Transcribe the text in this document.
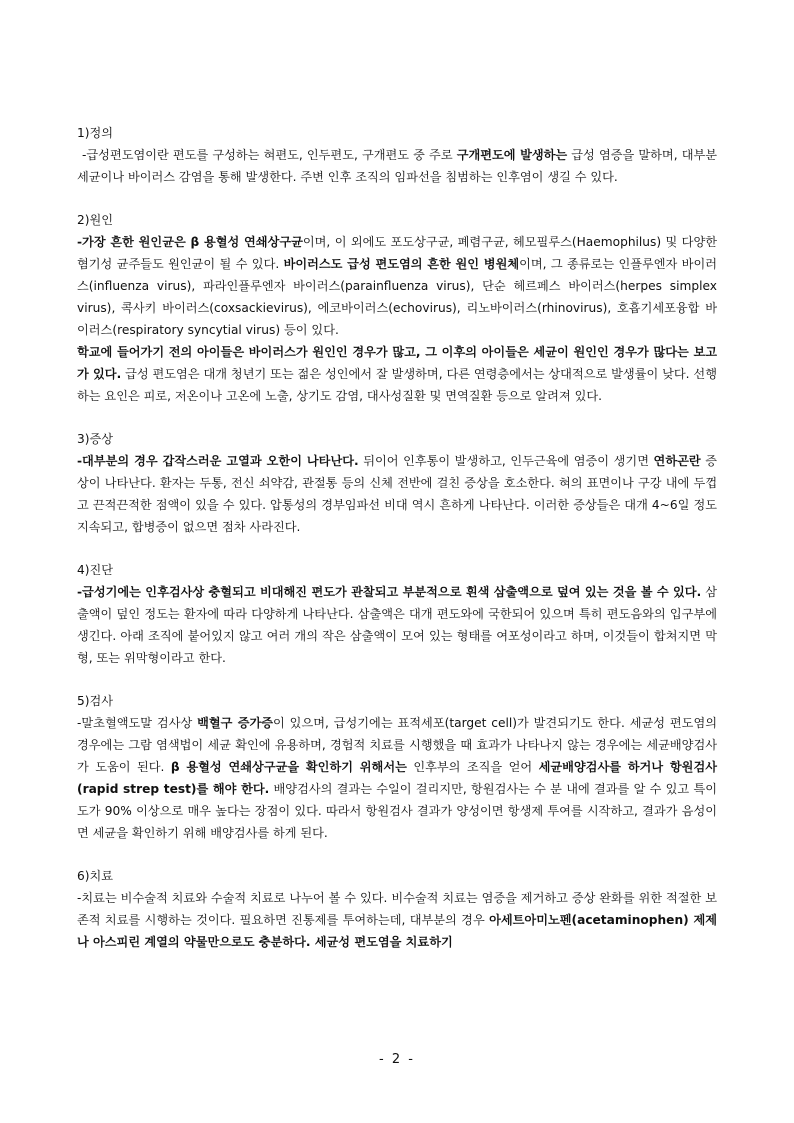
1)정의

-급성편도염이란 편도를 구성하는 혀편도, 인두편도, 구개편도 중 주로 구개편도에 발생하는 급성 염증을 말하며, 대부분 세균이나 바이러스 감염을 통해 발생한다. 주변 인후 조직의 임파선을 침범하는 인후염이 생길 수 있다.

2)원인

-가장 흔한 원인균은 β 용혈성 연쇄상구균이며, 이 외에도 포도상구균, 폐렴구균, 헤모필루스(Haemophilus) 및 다양한 혐기성 균주들도 원인균이 될 수 있다. 바이러스도 급성 편도염의 흔한 원인 병원체이며, 그 종류로는 인플루엔자 바이러스(influenza virus), 파라인플루엔자 바이러스(parainfluenza virus), 단순 헤르페스 바이러스(herpes simplex virus), 콕사키 바이러스(coxsackievirus), 에코바이러스(echovirus), 리노바이러스(rhinovirus), 호흡기세포융합 바이러스(respiratory syncytial virus) 등이 있다.

학교에 들어가기 전의 아이들은 바이러스가 원인인 경우가 많고, 그 이후의 아이들은 세균이 원인인 경우가 많다는 보고가 있다. 급성 편도염은 대개 청년기 또는 젊은 성인에서 잘 발생하며, 다른 연령층에서는 상대적으로 발생률이 낮다. 선행하는 요인은 피로, 저온이나 고온에 노출, 상기도 감염, 대사성질환 및 면역질환 등으로 알려져 있다.

3)증상

-대부분의 경우 갑작스러운 고열과 오한이 나타난다. 뒤이어 인후통이 발생하고, 인두근육에 염증이 생기면 연하곤란 증상이 나타난다. 환자는 두통, 전신 쇠약감, 관절통 등의 신체 전반에 걸친 증상을 호소한다. 혀의 표면이나 구강 내에 두껍고 끈적끈적한 점액이 있을 수 있다. 압통성의 경부임파선 비대 역시 흔하게 나타난다. 이러한 증상들은 대개 4~6일 정도 지속되고, 합병증이 없으면 점차 사라진다.

4)진단

-급성기에는 인후검사상 충혈되고 비대해진 편도가 관찰되고 부분적으로 흰색 삼출액으로 덮여 있는 것을 볼 수 있다. 삼출액이 덮인 정도는 환자에 따라 다양하게 나타난다. 삼출액은 대개 편도와에 국한되어 있으며 특히 편도음와의 입구부에 생긴다. 아래 조직에 붙어있지 않고 여러 개의 작은 삼출액이 모여 있는 형태를 여포성이라고 하며, 이것들이 합쳐지면 막형, 또는 위막형이라고 한다.

5)검사

-말초혈액도말 검사상 백혈구 증가증이 있으며, 급성기에는 표적세포(target cell)가 발견되기도 한다. 세균성 편도염의 경우에는 그람 염색법이 세균 확인에 유용하며, 경험적 치료를 시행했을 때 효과가 나타나지 않는 경우에는 세균배양검사가 도움이 된다. β 용혈성 연쇄상구균을 확인하기 위해서는 인후부의 조직을 얻어 세균배양검사를 하거나 항원검사(rapid strep test)를 해야 한다. 배양검사의 결과는 수일이 걸리지만, 항원검사는 수 분 내에 결과를 알 수 있고 특이도가 90% 이상으로 매우 높다는 장점이 있다. 따라서 항원검사 결과가 양성이면 항생제 투여를 시작하고, 결과가 음성이면 세균을 확인하기 위해 배양검사를 하게 된다.

6)치료

-치료는 비수술적 치료와 수술적 치료로 나누어 볼 수 있다. 비수술적 치료는 염증을 제거하고 증상 완화를 위한 적절한 보존적 치료를 시행하는 것이다. 필요하면 진통제를 투여하는데, 대부분의 경우 아세트아미노펜(acetaminophen) 제제나 아스피린 계열의 약물만으로도 충분하다. 세균성 편도염을 치료하기

- 2 -
